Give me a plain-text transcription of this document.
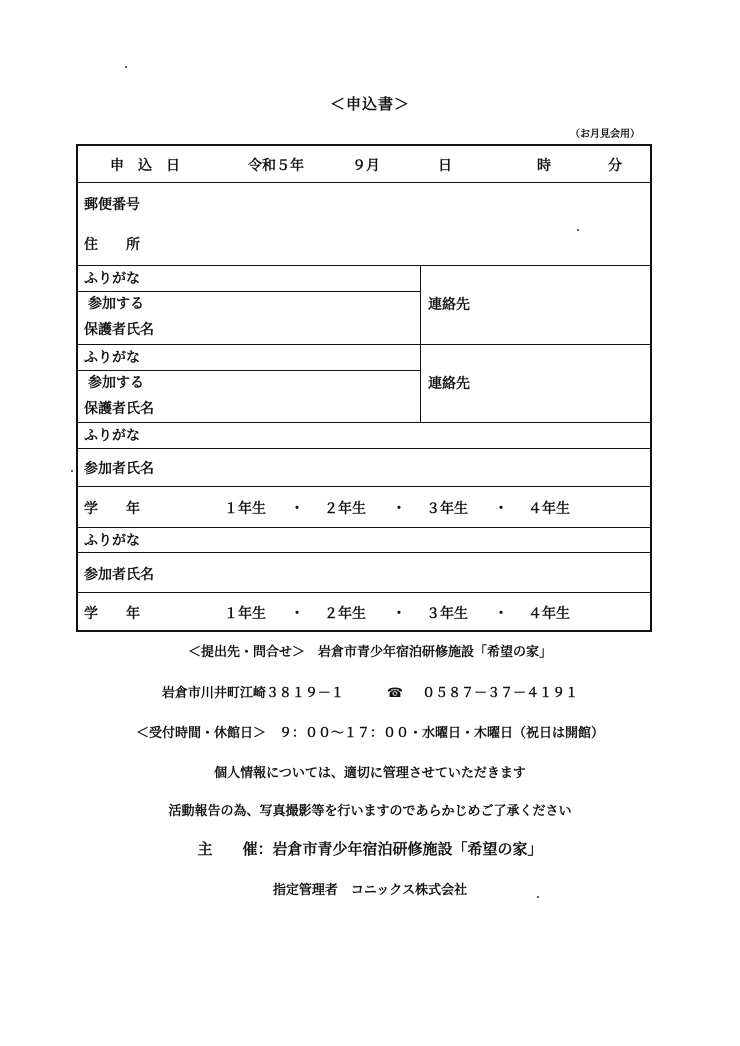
＜申込書＞
（お月見会用）
申　込　日	令和５年	９月	日	時	分
郵便番号
住　　所
ふりがな
参加する
保護者氏名
連絡先
ふりがな
参加する
保護者氏名
連絡先
ふりがな
参加者氏名
学　　年	１年生 ・ ２年生 ・ ３年生 ・ ４年生
ふりがな
参加者氏名
学　　年	１年生 ・ ２年生 ・ ３年生 ・ ４年生
＜提出先・問合せ＞　岩倉市青少年宿泊研修施設「希望の家」
岩倉市川井町江崎３８１９－１	☎ ０５８７－３７－４１９１
＜受付時間・休館日＞　９：００～１７：００・水曜日・木曜日（祝日は開館）
個人情報については、適切に管理させていただきます
活動報告の為、写真撮影等を行いますのであらかじめご了承ください
主　　催：岩倉市青少年宿泊研修施設「希望の家」
指定管理者　コニックス株式会社
